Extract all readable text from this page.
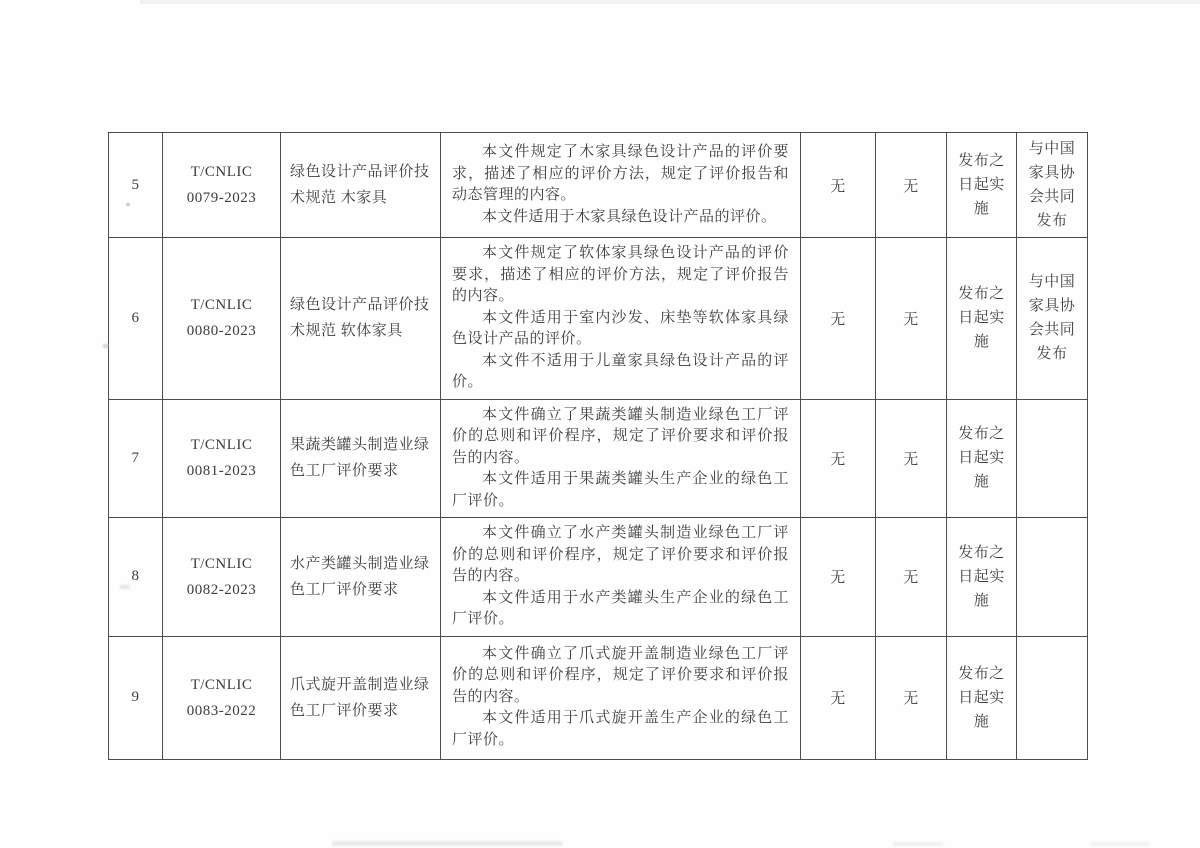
5	
T/CNLIC
0079-2023
	绿色设计产品评价技术规范 木家具	

本文件规定了木家具绿色设计产品的评价要求，描述了相应的评价方法，规定了评价报告和动态管理的内容。

本文件适用于木家具绿色设计产品的评价。

	无	无	发布之日起实施	与中国家具协会共同发布
6	
T/CNLIC
0080-2023
	绿色设计产品评价技术规范 软体家具	

本文件规定了软体家具绿色设计产品的评价要求，描述了相应的评价方法，规定了评价报告的内容。

本文件适用于室内沙发、床垫等软体家具绿色设计产品的评价。

本文件不适用于儿童家具绿色设计产品的评价。

	无	无	发布之日起实施	与中国家具协会共同发布
7	
T/CNLIC
0081-2023
	果蔬类罐头制造业绿色工厂评价要求	

本文件确立了果蔬类罐头制造业绿色工厂评价的总则和评价程序，规定了评价要求和评价报告的内容。

本文件适用于果蔬类罐头生产企业的绿色工厂评价。

	无	无	发布之日起实施	
8	
T/CNLIC
0082-2023
	水产类罐头制造业绿色工厂评价要求	

本文件确立了水产类罐头制造业绿色工厂评价的总则和评价程序，规定了评价要求和评价报告的内容。

本文件适用于水产类罐头生产企业的绿色工厂评价。

	无	无	发布之日起实施	
9	
T/CNLIC
0083-2022
	爪式旋开盖制造业绿色工厂评价要求	

本文件确立了爪式旋开盖制造业绿色工厂评价的总则和评价程序，规定了评价要求和评价报告的内容。

本文件适用于爪式旋开盖生产企业的绿色工厂评价。

	无	无	发布之日起实施	
